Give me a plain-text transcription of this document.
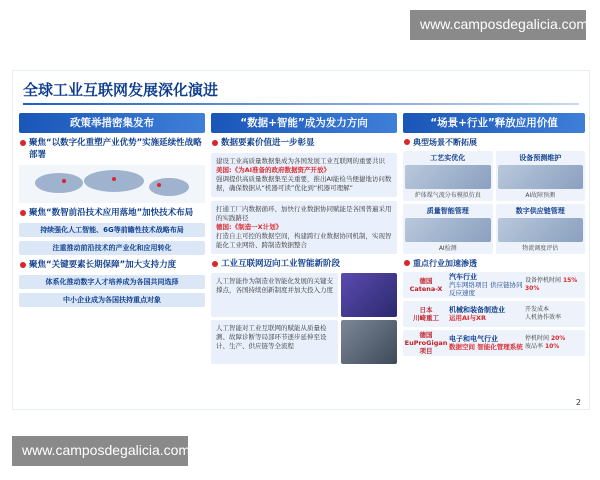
www.camposdegalicia.com
全球工业互联网发展深化演进
政策举措密集发布
聚焦“以数字化重塑产业优势”实施延续性战略部署
聚焦“数智前沿技术应用落地”加快技术布局
持续强化人工智能、6G等前瞻性技术战略布局
注重推动前沿技术的产业化和应用转化
聚焦“关键要素长期保障”加大支持力度
体系化推动数字人才培养成为各国共同选择
中小企业成为各国扶持重点对象
“数据+智能”成为发力方向
数据要素价值进一步彰显
建设工业高质量数据集成为各国发展工业互联网的重要共识
美国:《为AI准备的政府数据资产开放》
强调提供高质量数据集至关重要，推出AI能检当便捷地访问数据，确保数据从“机器可读”优化到“机器可理解”
打通工厂内数据循环、加快行业数据协同赋能是各国普遍采用的实践路径
德国:《制造一X计划》
打造自主可控的数据空间，构建跨行业数据协同机制，实现智能化工业网络、跨制造数据整合
工业互联网迈向工业智能新阶段
人工智能作为制造业智能化发展的关键支撑点，各国持续创新制度并加大投入力度
人工智能对工业互联网的赋能从质量检测、故障诊断等局部环节逐步延伸至设计、生产、供应链等全流程
“场景+行业”释放应用价值
典型场景不断拓展
工艺实优化
炉体煤气流分布模拟仿真
设备预测维护
AI故障预测
质量智能管理
AI检测
数字供应链管理
物流调度评估
重点行业加速渗透
德国
Catena-X
汽车行业
汽车网络项目 供应链协同反应速度
设备停机时间 15%
30%
日本
川崎重工
机械和装备制造业
运用AI与XR
开发成本
人机协作效率
德国
EuProGigan项目
电子和电气行业
数据空间 智能化管理系统
停机时间 20%
废品率 10%
2
www.camposdegalicia.com
